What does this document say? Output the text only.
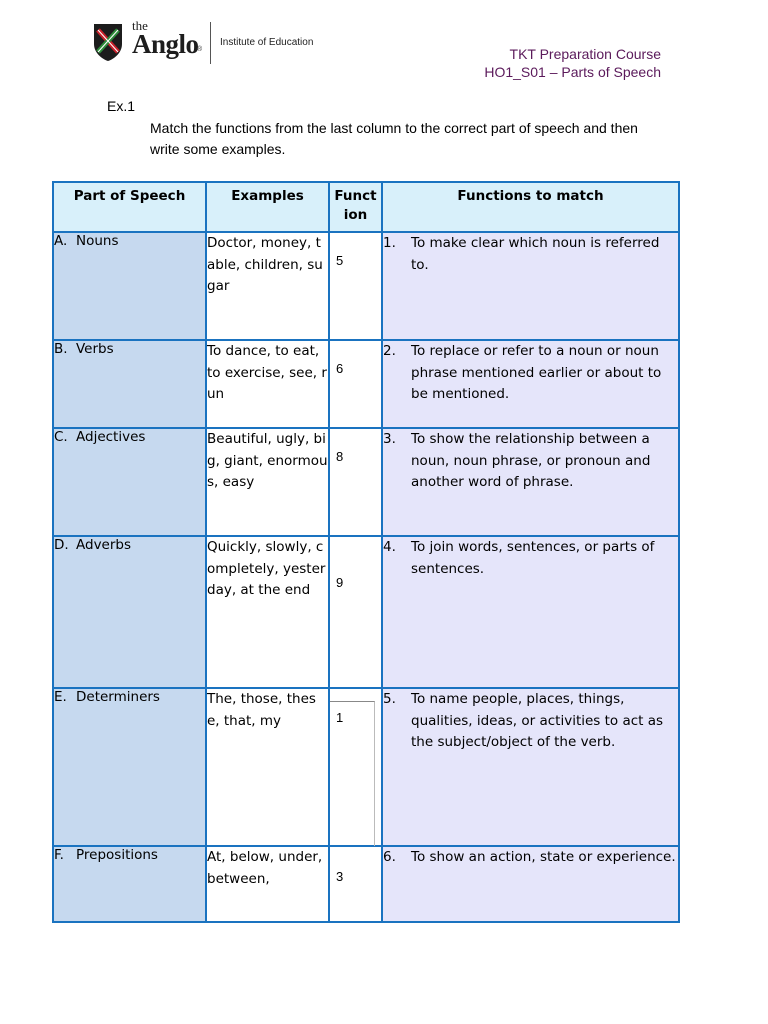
the
Anglo
®
Institute of Education
TKT Preparation Course
HO1_S01 – Parts of Speech
Ex.1
Match the functions from the last column to the correct part of speech and then write some examples.
Part of Speech	Examples	Funct ion	Functions to match
A. Nouns	Doctor, money, table, children, sugar	5	1. To make clear which noun is referred to.

B. Verbs	To dance, to eat, to exercise, see, run	6	2. To replace or refer to a noun or noun phrase mentioned earlier or about to be mentioned.

C. Adjectives	Beautiful, ugly, big, giant, enormous, easy	8	3. To show the relationship between a noun, noun phrase, or pronoun and another word of phrase.

D. Adverbs	Quickly, slowly, completely, yesterday, at the end	9	4. To join words, sentences, or parts of sentences.

E. Determiners	The, those, these, that, my	1	5. To name people, places, things, qualities, ideas, or activities to act as the subject/object of the verb.

F. Prepositions	At, below, under, between,	3	6. To show an action, state or experience.
